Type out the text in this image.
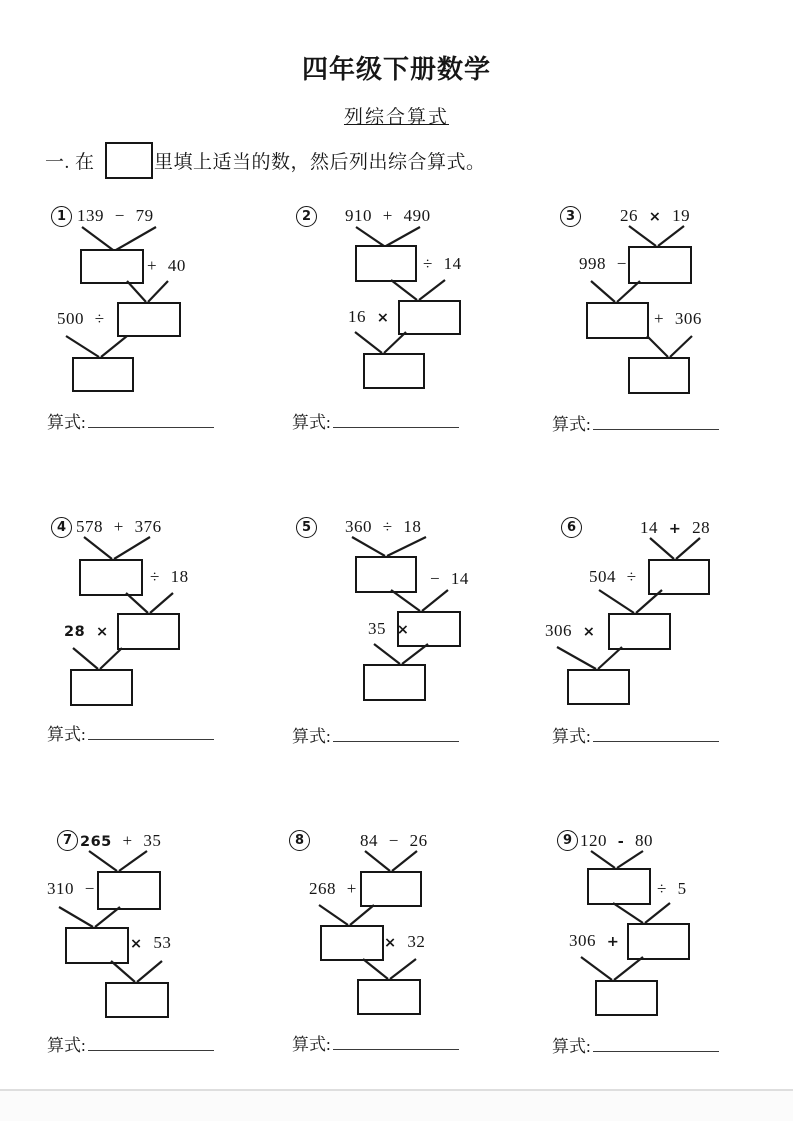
四年级下册数学
列综合算式
一. 在	里填上适当的数，然后列出综合算式。
1 139 − 79
+ 40
500 ÷
算式:
2 910 + 490
÷ 14
16 ×
算式:
3	26 × 19
998 −
+ 306
算式:
4 578 + 376
÷ 18
28 ×
算式:
5 360 ÷ 18
− 14
35 ×
算式:
6	14 + 28
504 ÷
306 ×
算式:
7 265 + 35
310 −
× 53
算式:
8	84 − 26
268 +
× 32
算式:
9 120 - 80
÷ 5
306 +
算式:
